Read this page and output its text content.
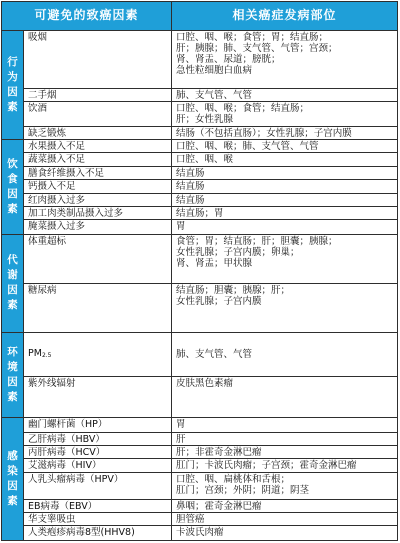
可避免的致癌因素		相关癌症发病部位

行为因素	吸烟	口腔、咽、喉；食管；胃；结直肠；
肝；胰腺；肺、支气管、气管；宫颈；
肾、肾盂、尿道；膀胱；
急性粒细胞白血病

	二手烟	肺、支气管、气管

	饮酒	口腔、咽、喉；食管；结直肠；
肝；女性乳腺

	缺乏锻炼	结肠（不包括直肠）；女性乳腺；子宫内膜

饮食因素	水果摄入不足	口腔、咽、喉；肺、支气管、气管

	蔬菜摄入不足	口腔、咽、喉

	膳食纤维摄入不足	结直肠

	钙摄入不足	结直肠

	红肉摄入过多	结直肠

	加工肉类制品摄入过多	结直肠；胃

	腌菜摄入过多	胃

代谢因素	体重超标	食管；胃；结直肠；肝；胆囊；胰腺；
女性乳腺；子宫内膜；卵巢；
肾、肾盂；甲状腺

	糖尿病	结直肠；胆囊；胰腺；肝；
女性乳腺；子宫内膜

环境因素	$PM_{2.5}$	肺、支气管、气管

	紫外线辐射	皮肤黑色素瘤

感染因素	幽门螺杆菌（HP）	胃

	乙肝病毒（HBV）	肝

	丙肝病毒（HCV）	肝；非霍奇金淋巴瘤

	艾滋病毒（HIV）	肛门；卡波氏肉瘤；子宫颈；霍奇金淋巴瘤

	人乳头瘤病毒（HPV）	口腔、咽、扁桃体和舌根；
肛门；宫颈；外阴；阴道；阴茎

	EB病毒（EBV）	鼻咽；霍奇金淋巴瘤

	华支睾吸虫	胆管癌

	人类疱疹病毒8型(HHV8)	卡波氏肉瘤
